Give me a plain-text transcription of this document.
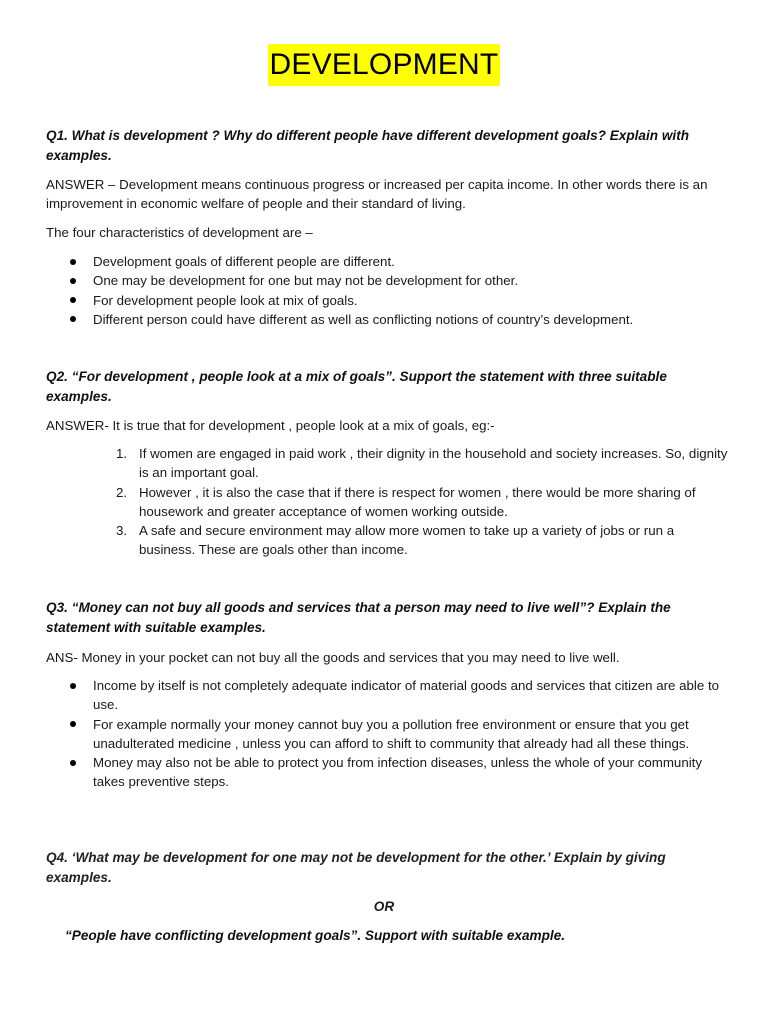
DEVELOPMENT
Q1. What is development ? Why do different people have different development goals? Explain with examples.
ANSWER – Development means continuous progress or increased per capita income. In other words there is an improvement in economic welfare of people and their standard of living.
The four characteristics of development are –
Development goals of different people are different.
One may be development for one but may not be development for other.
For development people look at mix of goals.
Different person could have different as well as conflicting notions of country’s development.
Q2. “For development , people look at a mix of goals”. Support the statement with three suitable examples.
ANSWER- It is true that for development , people look at a mix of goals, eg:-
1. If women are engaged in paid work , their dignity in the household and society increases. So, dignity is an important goal.
2. However , it is also the case that if there is respect for women , there would be more sharing of housework and greater acceptance of women working outside.
3. A safe and secure environment may allow more women to take up a variety of jobs or run a business. These are goals other than income.
Q3. “Money can not buy all goods and services that a person may need to live well”? Explain the statement with suitable examples.
ANS- Money in your pocket can not buy all the goods and services that you may need to live well.
Income by itself is not completely adequate indicator of material goods and services that citizen are able to use.
For example normally your money cannot buy you a pollution free environment or ensure that you get unadulterated medicine , unless you can afford to shift to community that already had all these things.
Money may also not be able to protect you from infection diseases, unless the whole of your community takes preventive steps.
Q4. ‘What may be development for one may not be development for the other.’ Explain by giving examples.
OR
“People have conflicting development goals”. Support with suitable example.
